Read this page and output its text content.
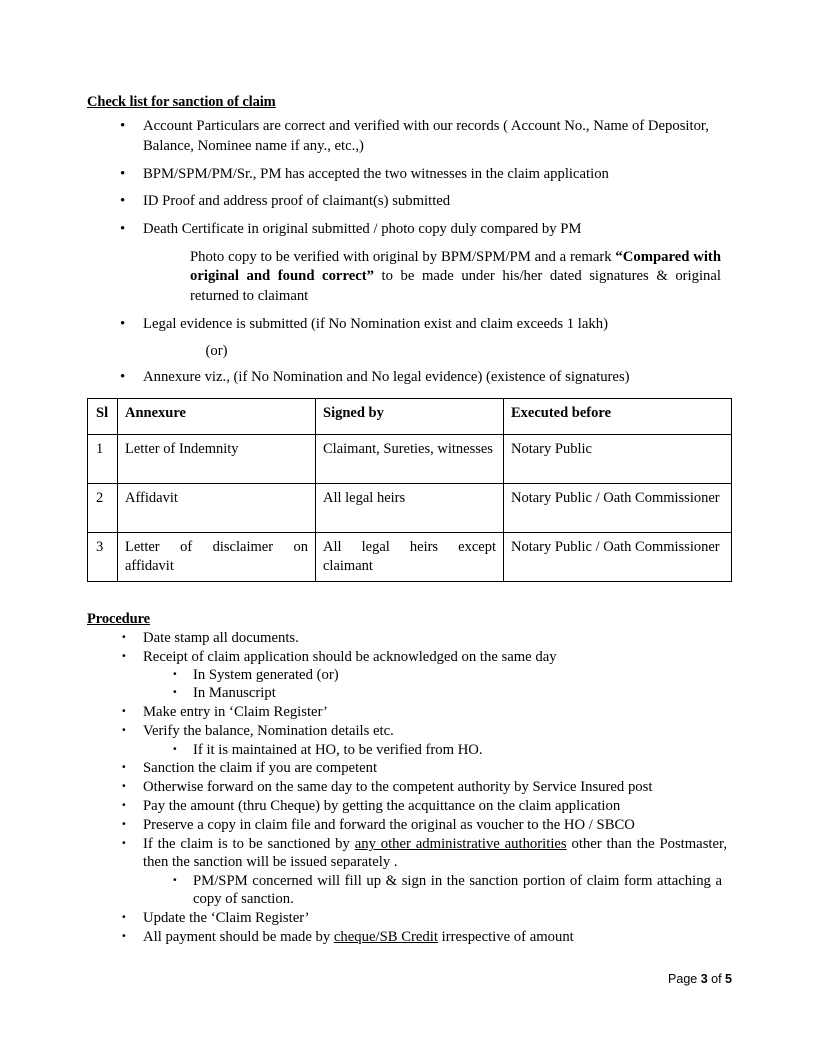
Check list for sanction of claim
• Account Particulars are correct and verified with our records ( Account No., Name of Depositor, Balance, Nominee name if any., etc.,)
• BPM/SPM/PM/Sr., PM has accepted the two witnesses in the claim application
• ID Proof and address proof of claimant(s) submitted
• Death Certificate in original submitted / photo copy duly compared by PM
Photo copy to be verified with original by BPM/SPM/PM and a remark “Compared with original and found correct” to be made under his/her dated signatures & original returned to claimant
• Legal evidence is submitted (if No Nomination exist and claim exceeds 1 lakh)
(or)
• Annexure viz., (if No Nomination and No legal evidence) (existence of signatures)
Sl	Annexure	Signed by	Executed before
1	Letter of Indemnity	Claimant, Sureties, witnesses	Notary Public
2	Affidavit	All legal heirs	Notary Public / Oath Commissioner
3	Letter of disclaimer on affidavit	All legal heirs except claimant	Notary Public / Oath Commissioner
Procedure
· Date stamp all documents.
· Receipt of claim application should be acknowledged on the same day
· In System generated (or)
· In Manuscript
· Make entry in ‘Claim Register’
· Verify the balance, Nomination details etc.
· If it is maintained at HO, to be verified from HO.
· Sanction the claim if you are competent
· Otherwise forward on the same day to the competent authority by Service Insured post
· Pay the amount (thru Cheque) by getting the acquittance on the claim application
· Preserve a copy in claim file and forward the original as voucher to the HO / SBCO
· If the claim is to be sanctioned by any other administrative authorities other than the Postmaster, then the sanction will be issued separately .
· PM/SPM concerned will fill up & sign in the sanction portion of claim form attaching a copy of sanction.
· Update the ‘Claim Register’
· All payment should be made by cheque/SB Credit irrespective of amount
Page 3 of 5
